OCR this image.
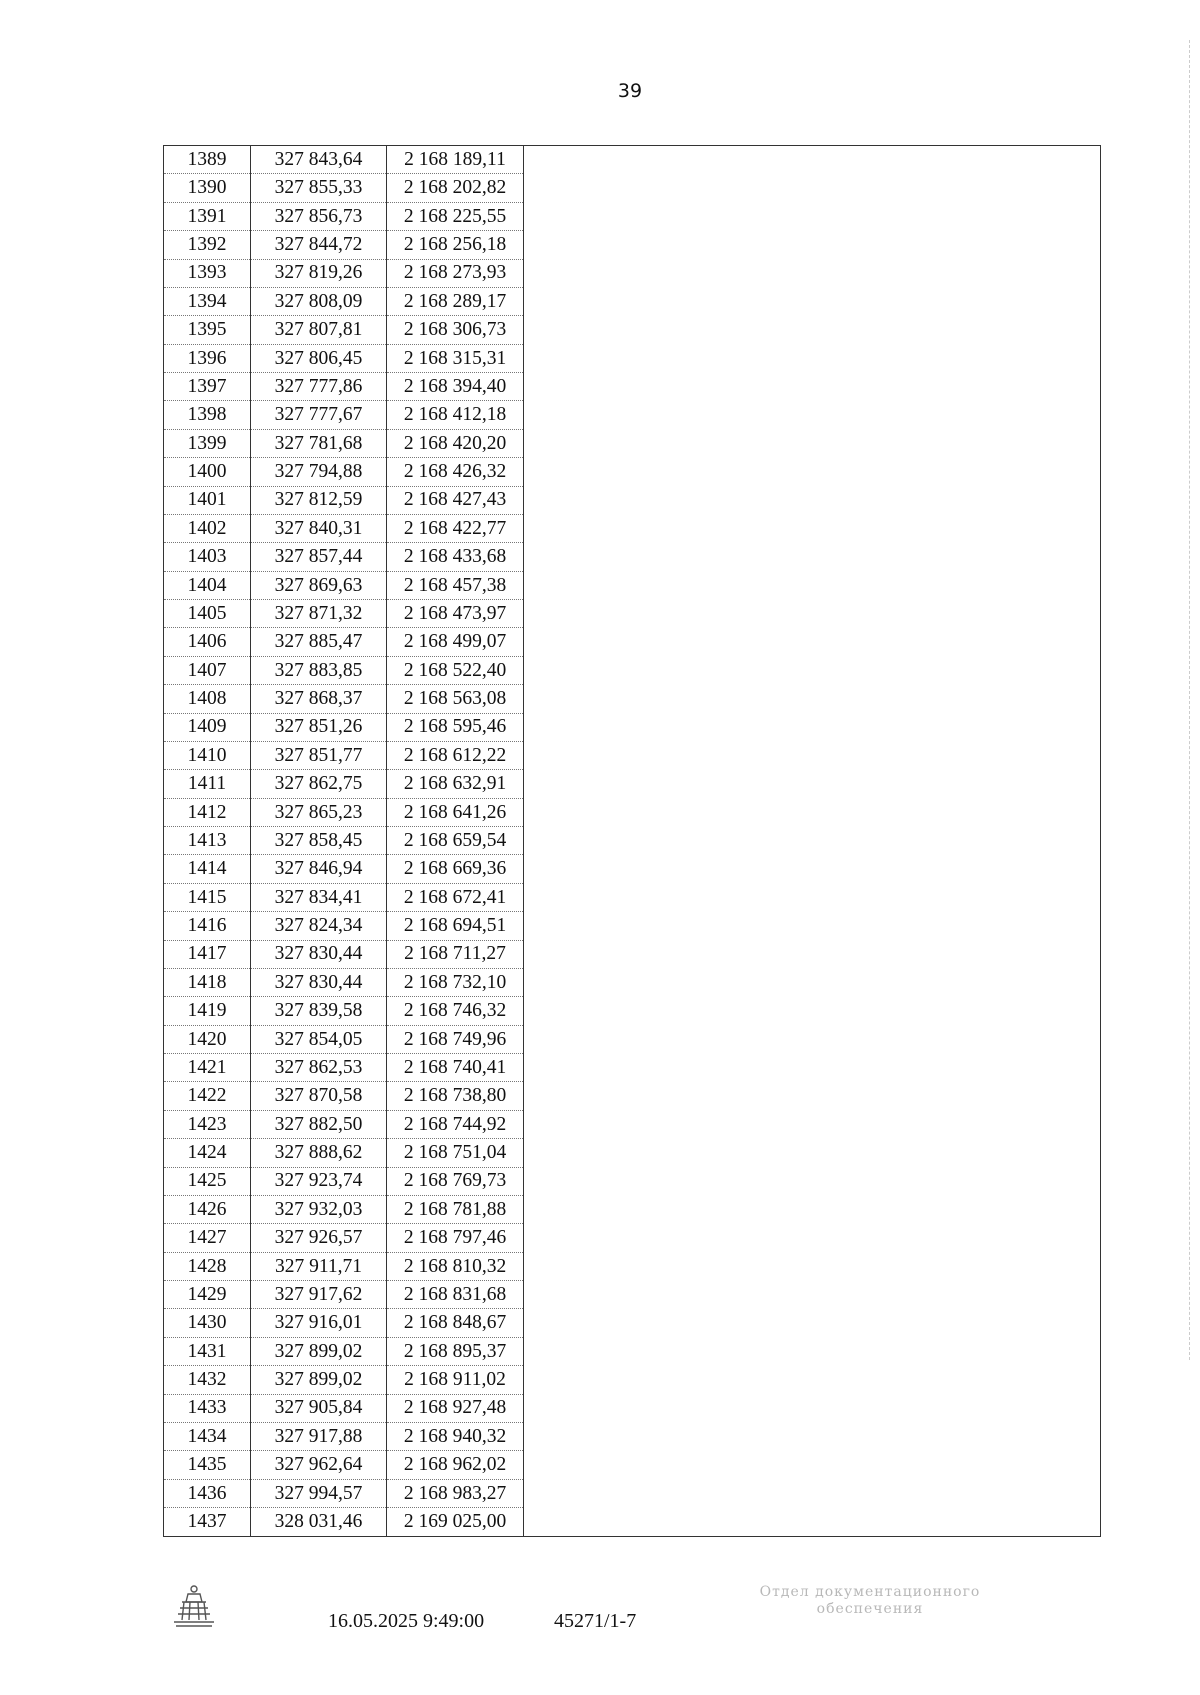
39
1389	327 843,64	2 168 189,11	
1390	327 855,33	2 168 202,82	
1391	327 856,73	2 168 225,55	
1392	327 844,72	2 168 256,18	
1393	327 819,26	2 168 273,93	
1394	327 808,09	2 168 289,17	
1395	327 807,81	2 168 306,73	
1396	327 806,45	2 168 315,31	
1397	327 777,86	2 168 394,40	
1398	327 777,67	2 168 412,18	
1399	327 781,68	2 168 420,20	
1400	327 794,88	2 168 426,32	
1401	327 812,59	2 168 427,43	
1402	327 840,31	2 168 422,77	
1403	327 857,44	2 168 433,68	
1404	327 869,63	2 168 457,38	
1405	327 871,32	2 168 473,97	
1406	327 885,47	2 168 499,07	
1407	327 883,85	2 168 522,40	
1408	327 868,37	2 168 563,08	
1409	327 851,26	2 168 595,46	
1410	327 851,77	2 168 612,22	
1411	327 862,75	2 168 632,91	
1412	327 865,23	2 168 641,26	
1413	327 858,45	2 168 659,54	
1414	327 846,94	2 168 669,36	
1415	327 834,41	2 168 672,41	
1416	327 824,34	2 168 694,51	
1417	327 830,44	2 168 711,27	
1418	327 830,44	2 168 732,10	
1419	327 839,58	2 168 746,32	
1420	327 854,05	2 168 749,96	
1421	327 862,53	2 168 740,41	
1422	327 870,58	2 168 738,80	
1423	327 882,50	2 168 744,92	
1424	327 888,62	2 168 751,04	
1425	327 923,74	2 168 769,73	
1426	327 932,03	2 168 781,88	
1427	327 926,57	2 168 797,46	
1428	327 911,71	2 168 810,32	
1429	327 917,62	2 168 831,68	
1430	327 916,01	2 168 848,67	
1431	327 899,02	2 168 895,37	
1432	327 899,02	2 168 911,02	
1433	327 905,84	2 168 927,48	
1434	327 917,88	2 168 940,32	
1435	327 962,64	2 168 962,02	
1436	327 994,57	2 168 983,27	
1437	328 031,46	2 169 025,00	
16.05.2025 9:49:00	45271/1-7
Отдел документационного
обеспечения
